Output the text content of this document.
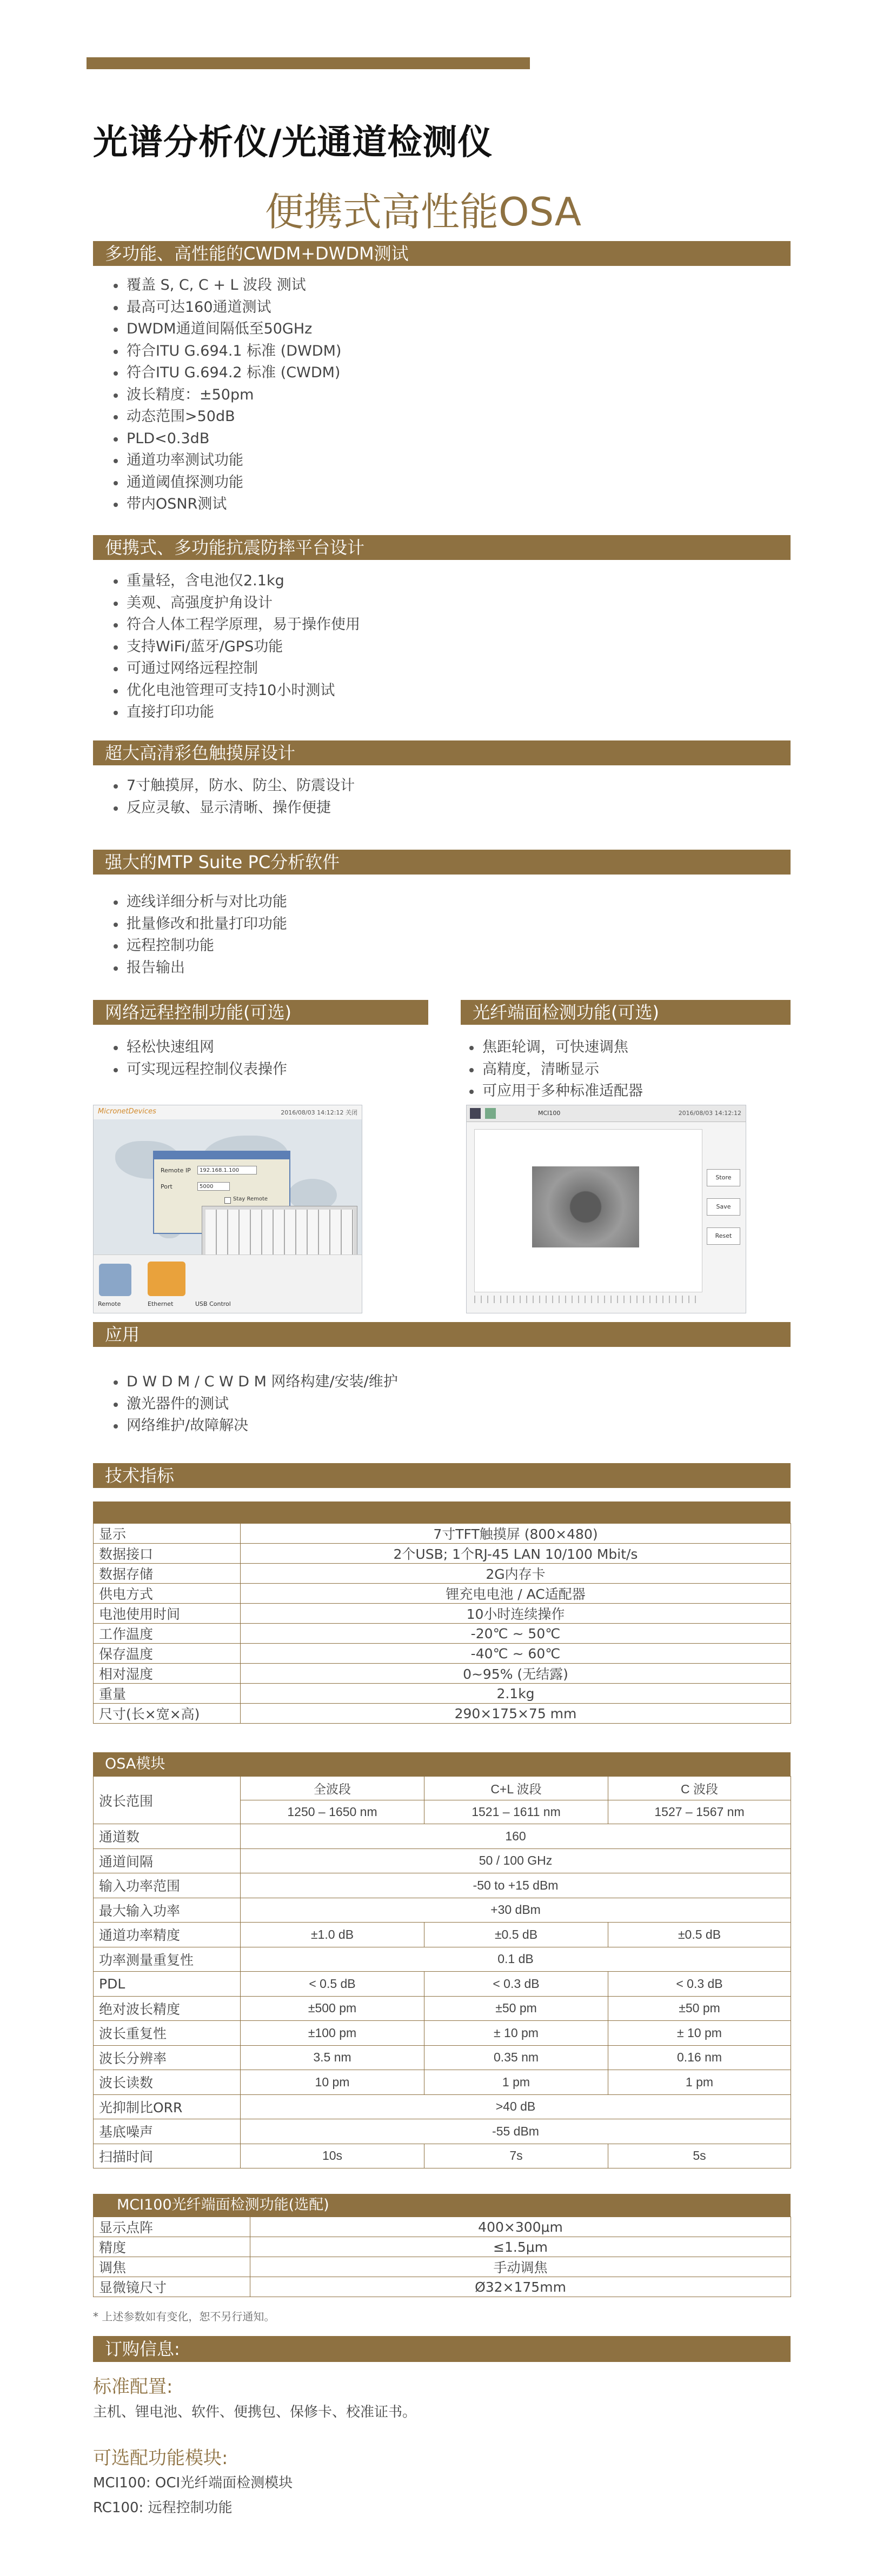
光谱分析仪/光通道检测仪
便携式高性能OSA
多功能、高性能的CWDM+DWDM测试
覆盖 S, C, C + L 波段 测试
最高可达160通道测试
DWDM通道间隔低至50GHz
符合ITU G.694.1 标准 (DWDM)
符合ITU G.694.2 标准 (CWDM)
波长精度：±50pm
动态范围>50dB
PLD<0.3dB
通道功率测试功能
通道阈值探测功能
带内OSNR测试
便携式、多功能抗震防摔平台设计
重量轻，含电池仅2.1kg
美观、高强度护角设计
符合人体工程学原理，易于操作使用
支持WiFi/蓝牙/GPS功能
可通过网络远程控制
优化电池管理可支持10小时测试
直接打印功能
超大高清彩色触摸屏设计
7寸触摸屏，防水、防尘、防震设计
反应灵敏、显示清晰、操作便捷
强大的MTP Suite PC分析软件
迹线详细分析与对比功能
批量修改和批量打印功能
远程控制功能
报告输出
网络远程控制功能(可选)
轻松快速组网
可实现远程控制仪表操作
光纤端面检测功能(可选)
焦距轮调，可快速调焦
高精度，清晰显示
可应用于多种标准适配器
MicronetDevices	2016/08/03 14:12:12 关闭
Remote IP	192.168.1.100
Port	5000
Stay Remote
Remote	Ethernet	USB Control
MCI100	2016/08/03 14:12:12
Store
Save
Reset
应用
D W D M / C W D M 网络构建/安装/维护
激光器件的测试
网络维护/故障解决
技术指标
显示	7寸TFT触摸屏 (800×480)
数据接口	2个USB; 1个RJ-45 LAN 10/100 Mbit/s
数据存储	2G内存卡
供电方式	锂充电电池 / AC适配器
电池使用时间	10小时连续操作
工作温度	-20℃ ~ 50℃
保存温度	-40℃ ~ 60℃
相对湿度	0~95% (无结露)
重量	2.1kg
尺寸(长×宽×高)	290×175×75 mm
OSA模块
波长范围	全波段	C+L 波段	C 波段
	1250 – 1650 nm	1521 – 1611 nm	1527 – 1567 nm
通道数	160		
通道间隔	50 / 100 GHz		
输入功率范围	-50 to +15 dBm		
最大输入功率	+30 dBm		
通道功率精度	±1.0 dB	±0.5 dB	±0.5 dB
功率测量重复性	0.1 dB		
PDL	< 0.5 dB	< 0.3 dB	< 0.3 dB
绝对波长精度	±500 pm	±50 pm	±50 pm
波长重复性	±100 pm	± 10 pm	± 10 pm
波长分辨率	3.5 nm	0.35 nm	0.16 nm
波长读数	10 pm	1 pm	1 pm
光抑制比ORR	>40 dB		
基底噪声	-55 dBm		
扫描时间	10s	7s	5s
MCI100光纤端面检测功能(选配)
显示点阵	400×300μm
精度	≤1.5μm
调焦	手动调焦
显微镜尺寸	Ø32×175mm
* 上述参数如有变化，恕不另行通知。
订购信息:
标准配置:
主机、锂电池、软件、便携包、保修卡、校准证书。
可选配功能模块:
MCI100: OCI光纤端面检测模块
RC100: 远程控制功能
